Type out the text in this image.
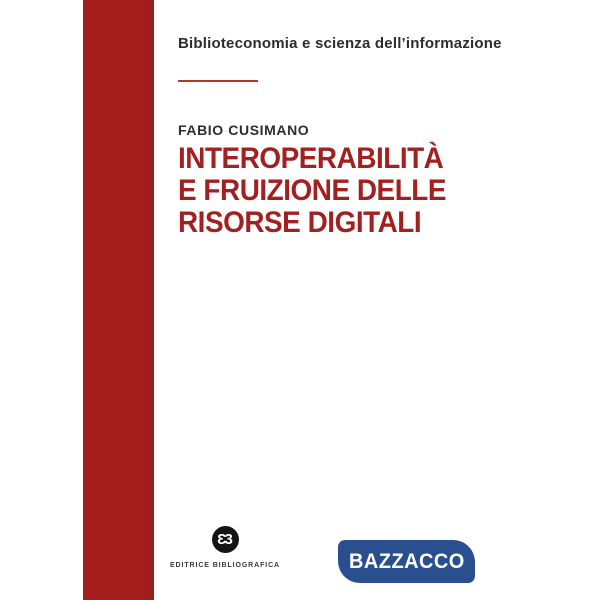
Biblioteconomia e scienza dell’informazione
FABIO CUSIMANO
INTEROPERABILITÀ
E FRUIZIONE DELLE
RISORSE DIGITALI
Ɛ3
EDITRICE BIBLIOGRAFICA	BAZZACCO
